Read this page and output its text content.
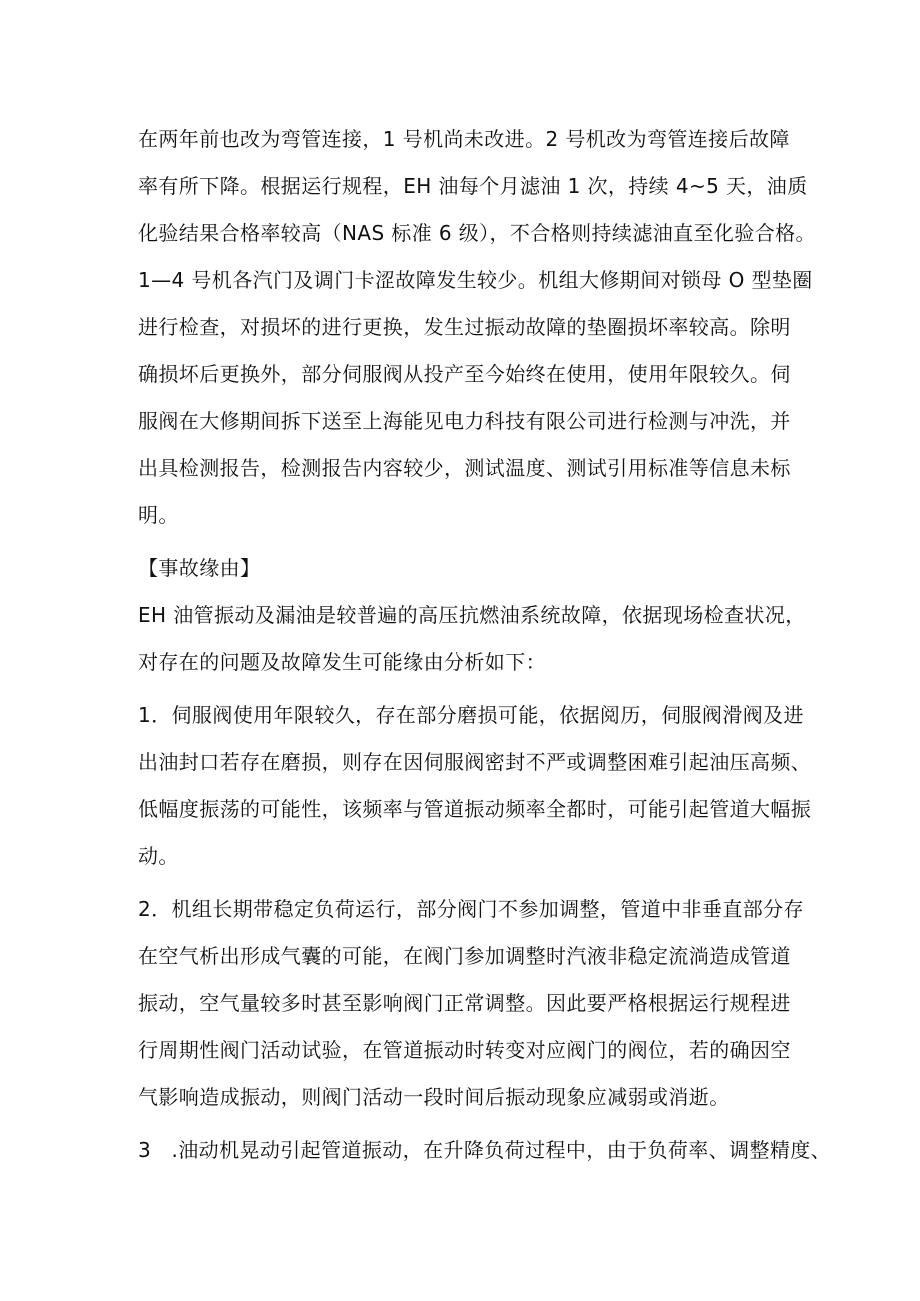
在两年前也改为弯管连接，1 号机尚未改进。2 号机改为弯管连接后故障
率有所下降。根据运行规程，EH 油每个月滤油 1 次，持续 4~5 天，油质
化验结果合格率较高（NAS 标准 6 级），不合格则持续滤油直至化验合格。
1—4 号机各汽门及调门卡涩故障发生较少。机组大修期间对锁母 O 型垫圈
进行检查，对损坏的进行更换，发生过振动故障的垫圈损坏率较高。除明
确损坏后更换外，部分伺服阀从投产至今始终在使用，使用年限较久。伺
服阀在大修期间拆下送至上海能见电力科技有限公司进行检测与冲洗，并
出具检测报告，检测报告内容较少，测试温度、测试引用标准等信息未标
明。
【事故缘由】
EH 油管振动及漏油是较普遍的高压抗燃油系统故障，依据现场检查状况，
对存在的问题及故障发生可能缘由分析如下：
1．伺服阀使用年限较久，存在部分磨损可能，依据阅历，伺服阀滑阀及进
出油封口若存在磨损，则存在因伺服阀密封不严或调整困难引起油压高频、
低幅度振荡的可能性，该频率与管道振动频率全都时，可能引起管道大幅振
动。
2．机组长期带稳定负荷运行，部分阀门不参加调整，管道中非垂直部分存
在空气析出形成气囊的可能，在阀门参加调整时汽液非稳定流淌造成管道
振动，空气量较多时甚至影响阀门正常调整。因此要严格根据运行规程进
行周期性阀门活动试验，在管道振动时转变对应阀门的阀位，若的确因空
气影响造成振动，则阀门活动一段时间后振动现象应减弱或消逝。
3　.油动机晃动引起管道振动，在升降负荷过程中，由于负荷率、调整精度、
